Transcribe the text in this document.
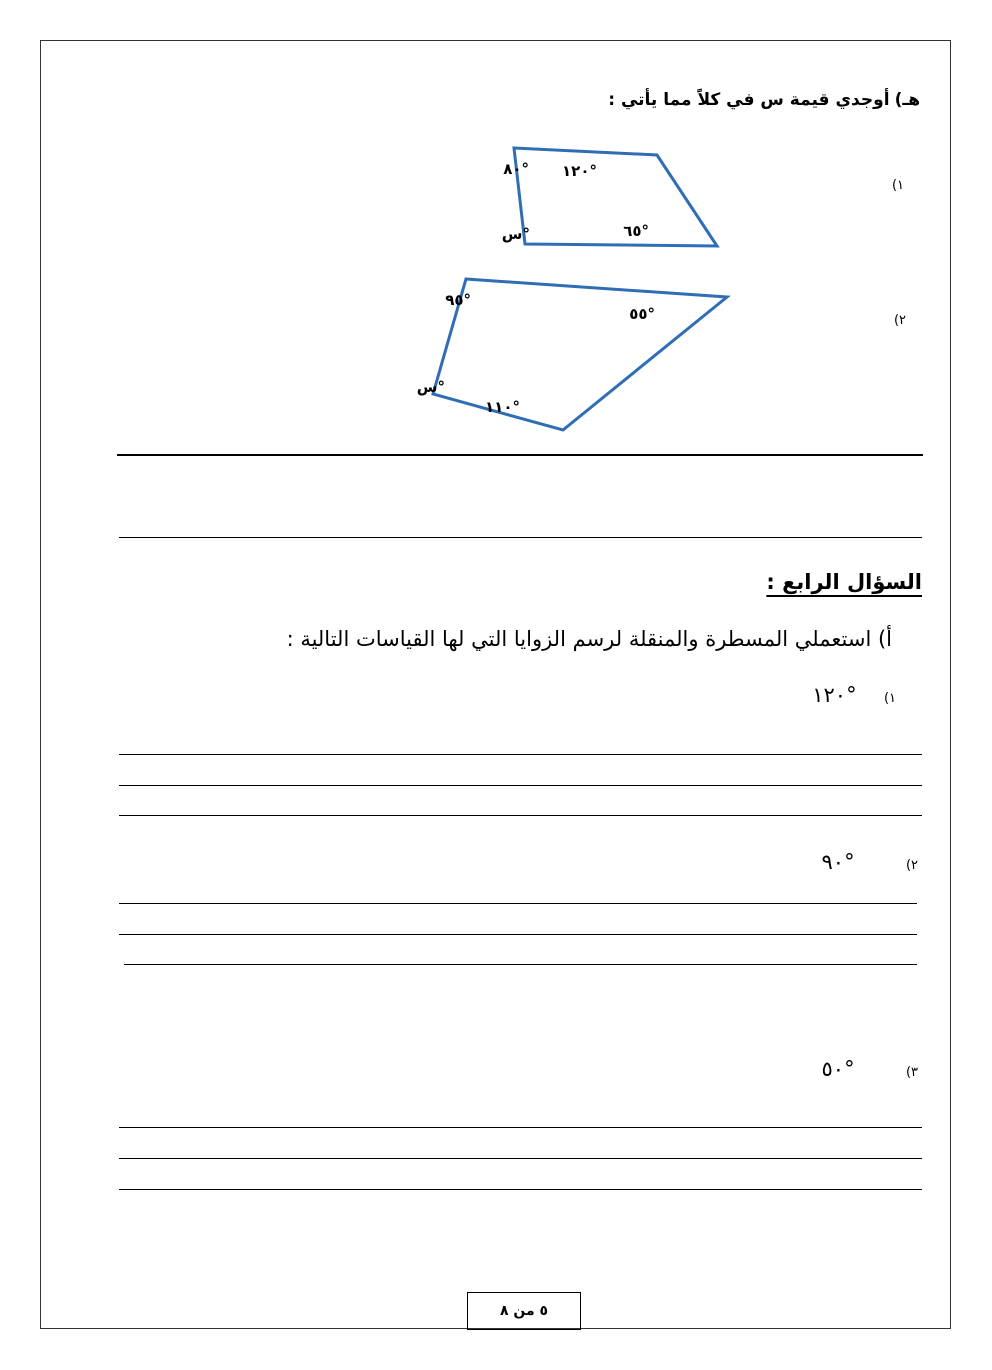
هـ) أوجدي قيمة س في كلاً مما يأتي :
١)
°٨٠ °١٢٠
°٦٥
°س
٢)
°٩٥
°٥٥
°١١٠
°س
السؤال الرابع :
أ) استعملي المسطرة والمنقلة لرسم الزوايا التي لها القياسات التالية :
١)  °١٢٠
٢)  °٩٠
٣)  °٥٠
٥ من ٨
